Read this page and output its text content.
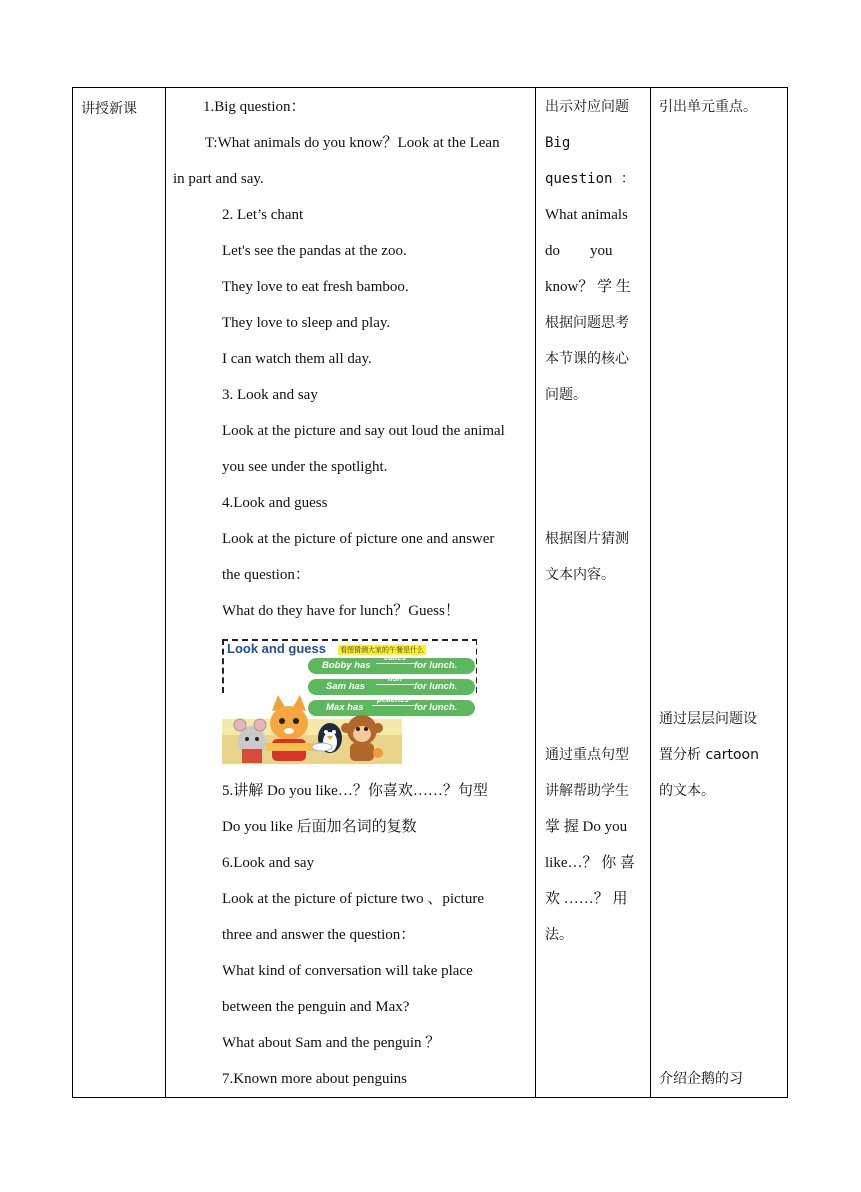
讲授新课	1.Big question：
T:What animals do you know？Look at the Lean
in part and say.
2. Let’s chant
Let's see the pandas at the zoo.
They love to eat fresh bamboo.
They love to sleep and play.
I can watch them all day.
3. Look and say
Look at the picture and say out loud the animal
you see under the spotlight.
4.Look and guess
Look at the picture of picture one and answer
the question：
What do they have for lunch？Guess！
Look and guess 看图猜测大家的午餐是什么
Bobby has
cakes
for lunch.
Sam has
fish
for lunch.
Max has
peaches
for lunch.
5.讲解 Do you like…？你喜欢……？句型
Do you like 后面加名词的复数
6.Look and say
Look at the picture of picture two 、picture
three and answer the question：
What kind of conversation will take place
between the penguin and Max?
What about Sam and the penguin ？
7.Known more about penguins
出示对应问题
Big
question ：
What animals
do        you
know？ 学 生
根据问题思考
本节课的核心
问题。
根据图片猜测
文本内容。
通过重点句型
讲解帮助学生
掌 握 Do you
like…？ 你 喜
欢 ……？ 用
法。
引出单元重点。
通过层层问题设
置分析 cartoon
的文本。
介绍企鹅的习
